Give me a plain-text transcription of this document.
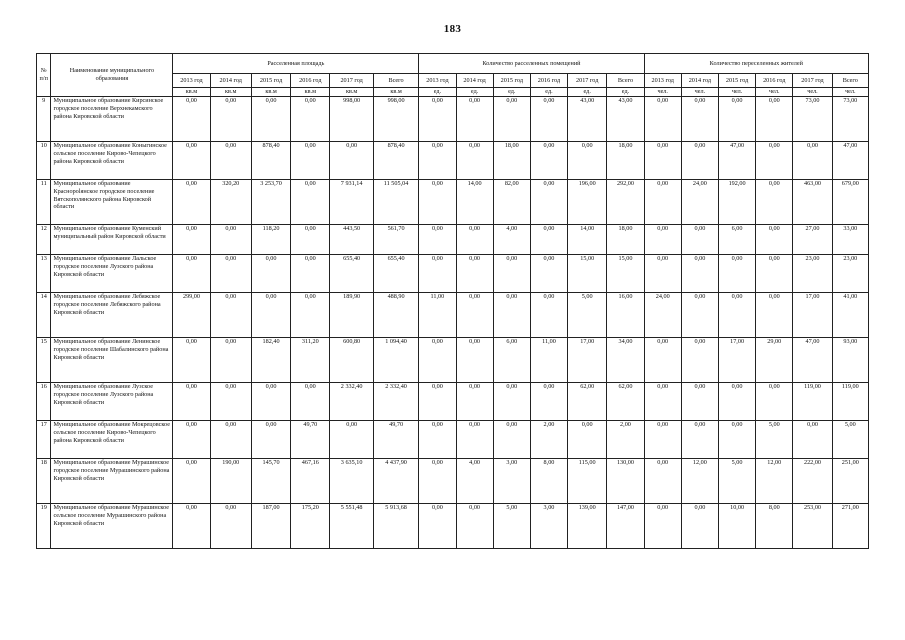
183
№ п/п	Наименование муниципального образования	Расселенная площадь						Количество расселенных помещений						Количество переселенных жителей					
		2013 год	2014 год	2015 год	2016 год	2017 год	Всего	2013 год	2014 год	2015 год	2016 год	2017 год	Всего	2013 год	2014 год	2015 год	2016 год	2017 год	Всего
		кв.м	кв.м	кв.м	кв.м	кв.м	кв.м	ед.	ед.	ед.	ед.	ед.	ед.	чел.	чел.	чел.	чел.	чел.	чел.
9	Муниципальное образование Кирсинское городское поселение Верхнекамского района Кировской области	0,00	0,00	0,00	0,00	998,00	998,00	0,00	0,00	0,00	0,00	43,00	43,00	0,00	0,00	0,00	0,00	73,00	73,00
10	Муниципальное образование Коныгинское сельское поселение Кирово-Чепецкого района Кировской области	0,00	0,00	878,40	0,00	0,00	878,40	0,00	0,00	18,00	0,00	0,00	18,00	0,00	0,00	47,00	0,00	0,00	47,00
11	Муниципальное образование Красноpolянское городское поселение Вятскополянского района Кировской области	0,00	320,20	3 253,70	0,00	7 931,14	11 505,04	0,00	14,00	82,00	0,00	196,00	292,00	0,00	24,00	192,00	0,00	463,00	679,00
12	Муниципальное образование Куменский муниципальный район Кировской области	0,00	0,00	118,20	0,00	443,50	561,70	0,00	0,00	4,00	0,00	14,00	18,00	0,00	0,00	6,00	0,00	27,00	33,00
13	Муниципальное образование Лальское городское поселение Лузского района Кировской области	0,00	0,00	0,00	0,00	655,40	655,40	0,00	0,00	0,00	0,00	15,00	15,00	0,00	0,00	0,00	0,00	23,00	23,00
14	Муниципальное образование Лебяжское городское поселение Лебяжского района Кировской области	299,00	0,00	0,00	0,00	189,90	488,90	11,00	0,00	0,00	0,00	5,00	16,00	24,00	0,00	0,00	0,00	17,00	41,00
15	Муниципальное образование Ленинское городское поселение Шабалинского района Кировской области	0,00	0,00	182,40	311,20	600,80	1 094,40	0,00	0,00	6,00	11,00	17,00	34,00	0,00	0,00	17,00	29,00	47,00	93,00
16	Муниципальное образование Лузское городское поселение Лузского района Кировской области	0,00	0,00	0,00	0,00	2 332,40	2 332,40	0,00	0,00	0,00	0,00	62,00	62,00	0,00	0,00	0,00	0,00	119,00	119,00
17	Муниципальное образование Мокрецовское сельское поселение Кирово-Чепецкого района Кировской области	0,00	0,00	0,00	49,70	0,00	49,70	0,00	0,00	0,00	2,00	0,00	2,00	0,00	0,00	0,00	5,00	0,00	5,00
18	Муниципальное образование Мурашинское городское поселение Мурашинского района Кировской области	0,00	190,00	145,70	467,16	3 635,10	4 437,90	0,00	4,00	3,00	8,00	115,00	130,00	0,00	12,00	5,00	12,00	222,00	251,00
19	Муниципальное образование Мурашинское сельское поселение Мурашинского района Кировской области	0,00	0,00	187,00	175,20	5 551,48	5 913,68	0,00	0,00	5,00	3,00	139,00	147,00	0,00	0,00	10,00	8,00	253,00	271,00
